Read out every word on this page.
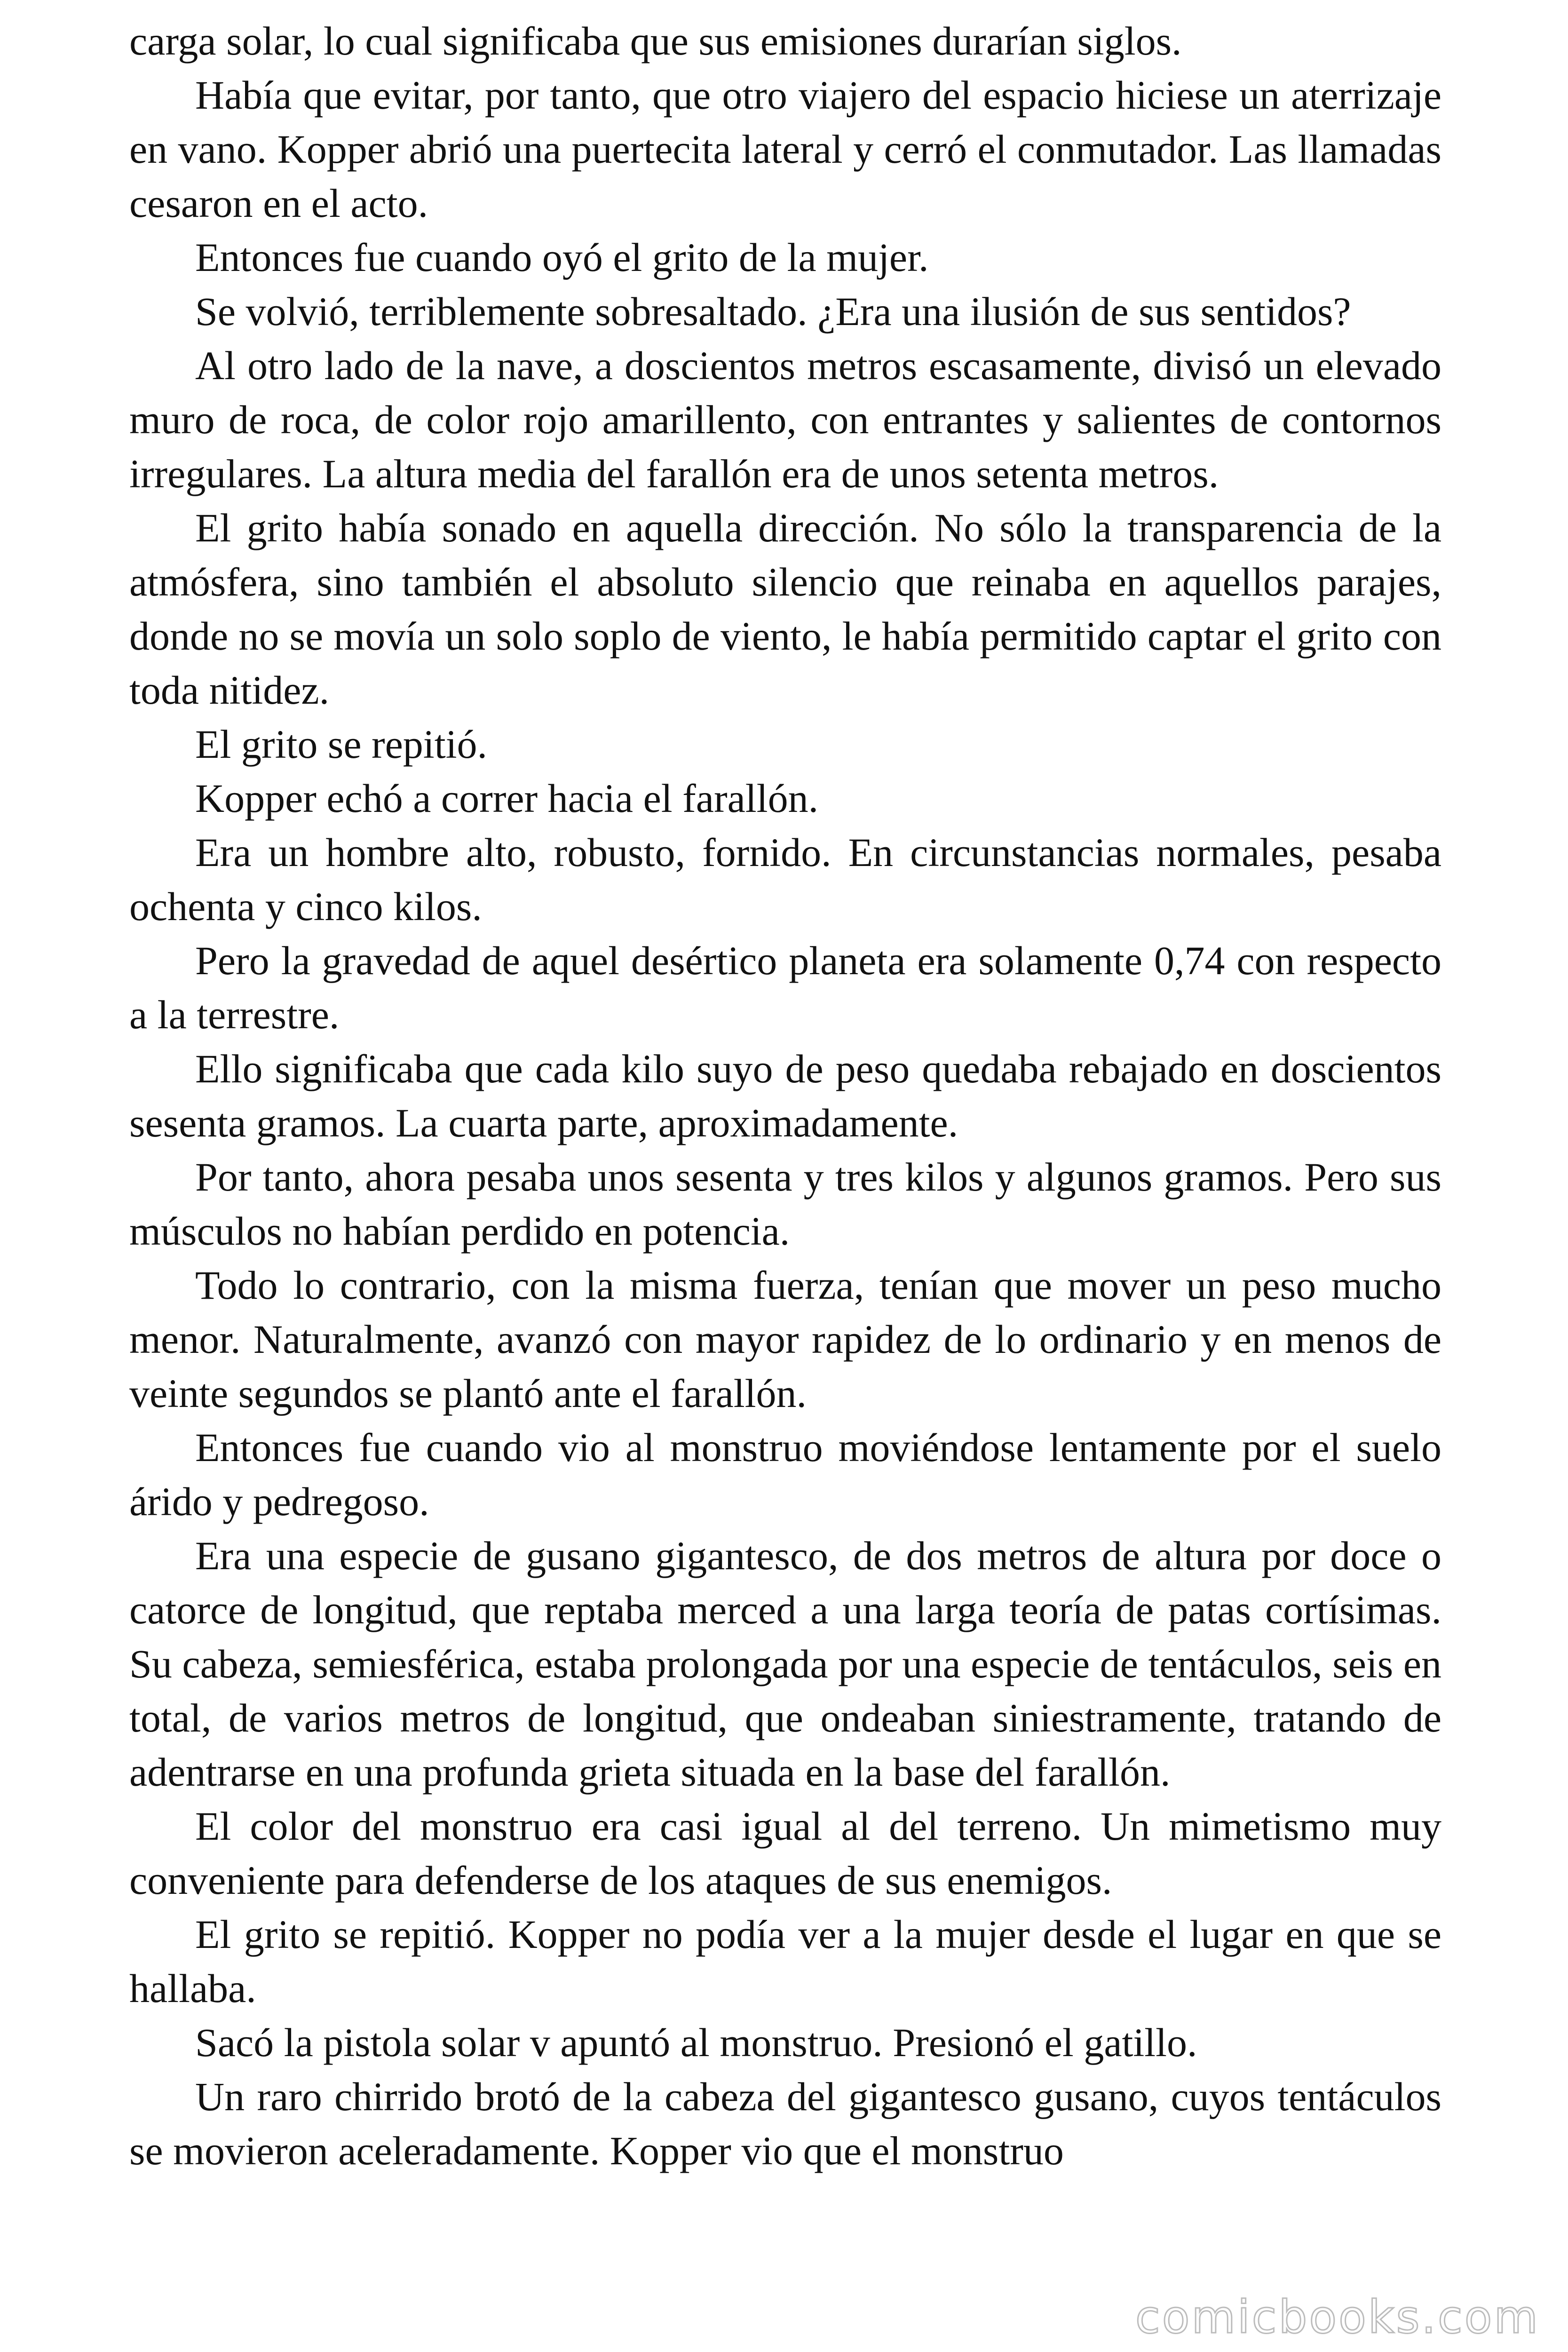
carga solar, lo cual significaba que sus emisiones durarían siglos.

Había que evitar, por tanto, que otro viajero del espacio hiciese un aterrizaje en vano. Kopper abrió una puertecita lateral y cerró el conmutador. Las llamadas cesaron en el acto.

Entonces fue cuando oyó el grito de la mujer.

Se volvió, terriblemente sobresaltado. ¿Era una ilusión de sus sentidos?

Al otro lado de la nave, a doscientos metros escasamente, divisó un elevado muro de roca, de color rojo amarillento, con entrantes y salientes de contornos irregulares. La altura media del farallón era de unos setenta metros.

El grito había sonado en aquella dirección. No sólo la transparencia de la atmósfera, sino también el absoluto silencio que reinaba en aquellos parajes, donde no se movía un solo soplo de viento, le había permitido captar el grito con toda nitidez.

El grito se repitió.

Kopper echó a correr hacia el farallón.

Era un hombre alto, robusto, fornido. En circunstancias normales, pesaba ochenta y cinco kilos.

Pero la gravedad de aquel desértico planeta era solamente 0,74 con respecto a la terrestre.

Ello significaba que cada kilo suyo de peso quedaba rebajado en doscientos sesenta gramos. La cuarta parte, aproximadamente.

Por tanto, ahora pesaba unos sesenta y tres kilos y algunos gramos. Pero sus músculos no habían perdido en potencia.

Todo lo contrario, con la misma fuerza, tenían que mover un peso mucho menor. Naturalmente, avanzó con mayor rapidez de lo ordinario y en menos de veinte segundos se plantó ante el farallón.

Entonces fue cuando vio al monstruo moviéndose lentamente por el suelo árido y pedregoso.

Era una especie de gusano gigantesco, de dos metros de altura por doce o catorce de longitud, que reptaba merced a una larga teoría de patas cortísimas. Su cabeza, semiesférica, estaba prolongada por una especie de tentáculos, seis en total, de varios metros de longitud, que ondeaban siniestramente, tratando de adentrarse en una profunda grieta situada en la base del farallón.

El color del monstruo era casi igual al del terreno. Un mimetismo muy conveniente para defenderse de los ataques de sus enemigos.

El grito se repitió. Kopper no podía ver a la mujer desde el lugar en que se hallaba.

Sacó la pistola solar v apuntó al monstruo. Presionó el gatillo.

Un raro chirrido brotó de la cabeza del gigantesco gusano, cuyos tentáculos se movieron aceleradamente. Kopper vio que el monstruo

comicbooks.com
